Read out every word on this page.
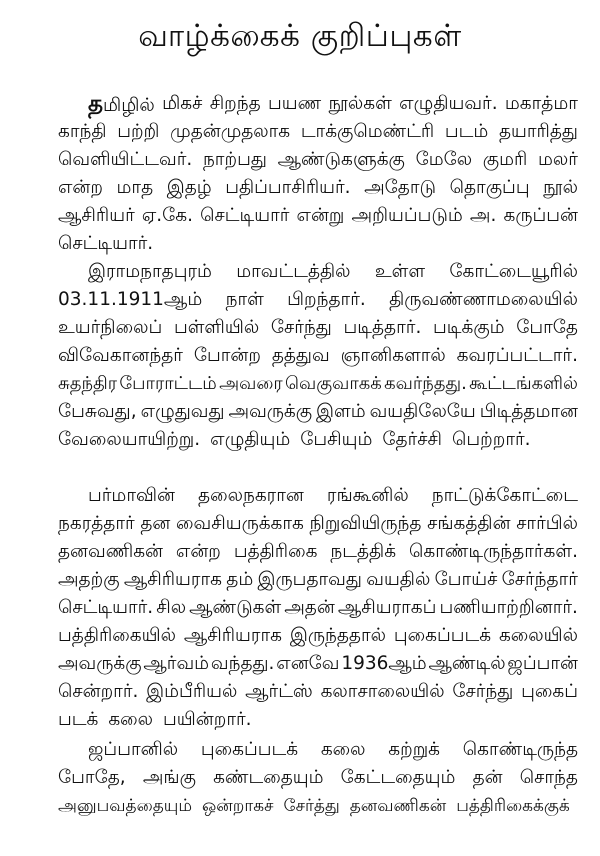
வாழ்க்கைக் குறிப்புகள்
தமிழில் மிகச் சிறந்த பயண நூல்கள் எழுதியவர். மகாத்மா
காந்தி பற்றி முதன்முதலாக டாக்குமெண்ட்ரி படம் தயாரித்து
வெளியிட்டவர். நாற்பது ஆண்டுகளுக்கு மேலே குமரி மலர்
என்ற மாத இதழ் பதிப்பாசிரியர். அதோடு தொகுப்பு நூல்
ஆசிரியர் ஏ.கே. செட்டியார் என்று அறியப்படும் அ. கருப்பன்
செட்டியார்.
இராமநாதபுரம் மாவட்டத்தில் உள்ள கோட்டையூரில்
03.11.1911ஆம் நாள் பிறந்தார். திருவண்ணாமலையில்
உயர்நிலைப் பள்ளியில் சேர்ந்து படித்தார். படிக்கும் போதே
விவேகானந்தர் போன்ற தத்துவ ஞானிகளால் கவரப்பட்டார்.
சுதந்திர போராட்டம் அவரை வெகுவாகக் கவர்ந்தது. கூட்டங்களில்
பேசுவது, எழுதுவது அவருக்கு இளம் வயதிலேயே பிடித்தமான
வேலையாயிற்று. எழுதியும் பேசியும் தேர்ச்சி பெற்றார்.
பர்மாவின் தலைநகரான ரங்கூனில் நாட்டுக்கோட்டை
நகரத்தார் தன வைசியருக்காக நிறுவியிருந்த சங்கத்தின் சார்பில்
தனவணிகன் என்ற பத்திரிகை நடத்திக் கொண்டிருந்தார்கள்.
அதற்கு ஆசிரியராக தம் இருபதாவது வயதில் போய்ச் சேர்ந்தார்
செட்டியார். சில ஆண்டுகள் அதன் ஆசியராகப் பணியாற்றினார்.
பத்திரிகையில் ஆசிரியராக இருந்ததால் புகைப்படக் கலையில்
அவருக்கு ஆர்வம் வந்தது. எனவே 1936ஆம் ஆண்டில் ஜப்பான்
சென்றார். இம்பீரியல் ஆர்ட்ஸ் கலாசாலையில் சேர்ந்து புகைப்
படக் கலை பயின்றார்.
ஜப்பானில் புகைப்படக் கலை கற்றுக் கொண்டிருந்த
போதே, அங்கு கண்டதையும் கேட்டதையும் தன் சொந்த
அனுபவத்தையும் ஒன்றாகச் சேர்த்து தனவணிகன் பத்திரிகைக்குக்
